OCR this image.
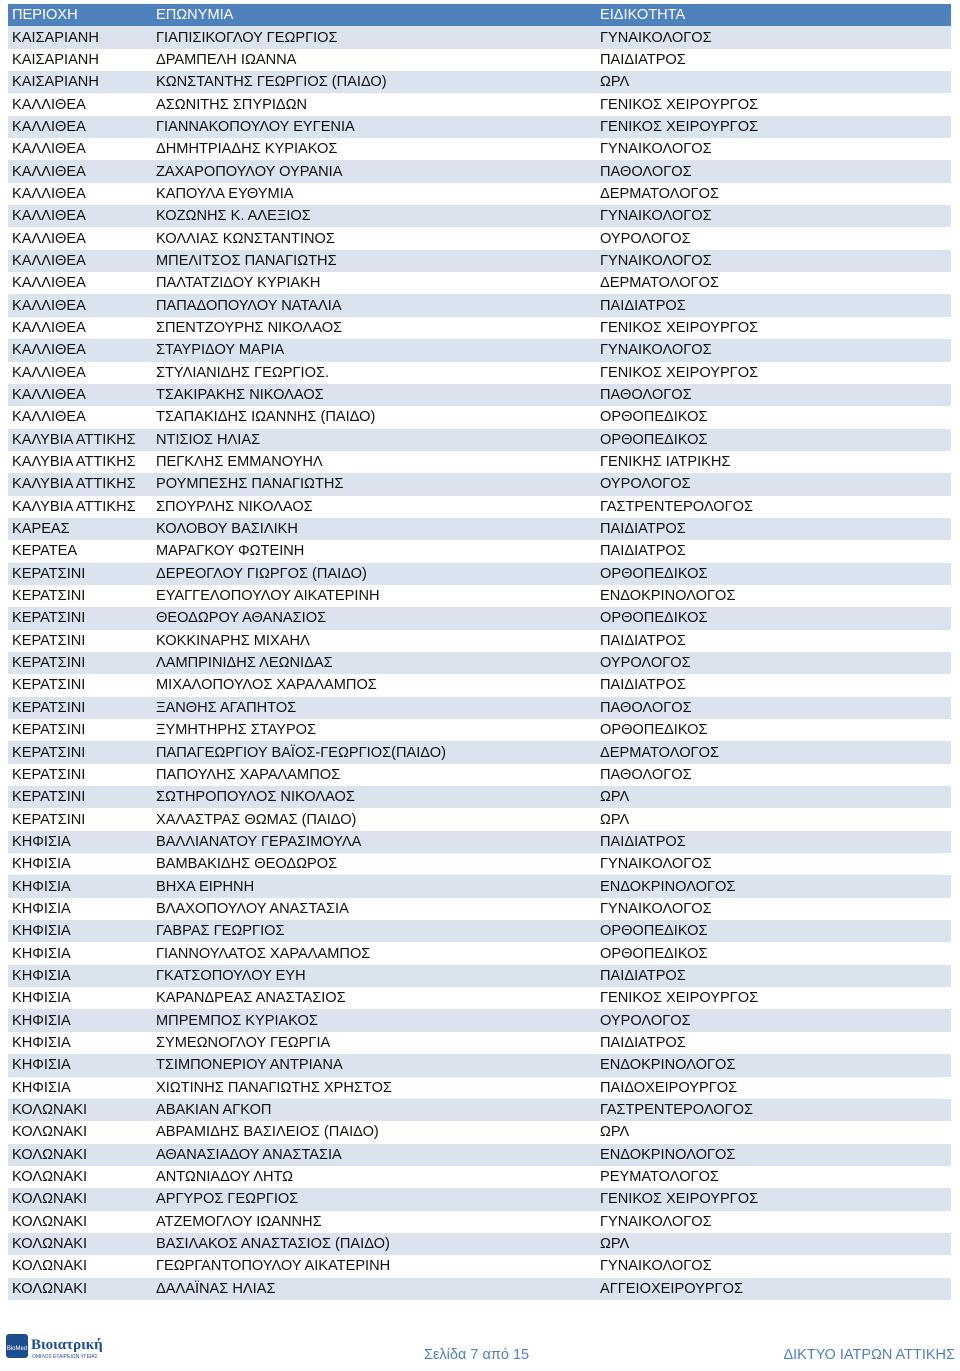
ΠΕΡΙΟΧΗ	ΕΠΩΝΥΜΙΑ	ΕΙΔΙΚΟΤΗΤΑ
ΚΑΙΣΑΡΙΑΝΗ	ΓΙΑΠΙΣΙΚΟΓΛΟΥ ΓΕΩΡΓΙΟΣ	ΓΥΝΑΙΚΟΛΟΓΟΣ
ΚΑΙΣΑΡΙΑΝΗ	ΔΡΑΜΠΕΛΗ ΙΩΑΝΝΑ	ΠΑΙΔΙΑΤΡΟΣ
ΚΑΙΣΑΡΙΑΝΗ	ΚΩΝΣΤΑΝΤΗΣ ΓΕΩΡΓΙΟΣ (ΠΑΙΔΟ)	ΩΡΛ
ΚΑΛΛΙΘΕΑ	ΑΣΩΝΙΤΗΣ ΣΠΥΡΙΔΩΝ	ΓΕΝΙΚΟΣ ΧΕΙΡΟΥΡΓΟΣ
ΚΑΛΛΙΘΕΑ	ΓΙΑΝΝΑΚΟΠΟΥΛΟΥ ΕΥΓΕΝΙΑ	ΓΕΝΙΚΟΣ ΧΕΙΡΟΥΡΓΟΣ
ΚΑΛΛΙΘΕΑ	ΔΗΜΗΤΡΙΑΔΗΣ ΚΥΡΙΑΚΟΣ	ΓΥΝΑΙΚΟΛΟΓΟΣ
ΚΑΛΛΙΘΕΑ	ΖΑΧΑΡΟΠΟΥΛΟΥ ΟΥΡΑΝΙΑ	ΠΑΘΟΛΟΓΟΣ
ΚΑΛΛΙΘΕΑ	ΚΑΠΟΥΛΑ ΕΥΘΥΜΙΑ	ΔΕΡΜΑΤΟΛΟΓΟΣ
ΚΑΛΛΙΘΕΑ	ΚΟΖΩΝΗΣ Κ. ΑΛΕΞΙΟΣ	ΓΥΝΑΙΚΟΛΟΓΟΣ
ΚΑΛΛΙΘΕΑ	ΚΟΛΛΙΑΣ ΚΩΝΣΤΑΝΤΙΝΟΣ	ΟΥΡΟΛΟΓΟΣ
ΚΑΛΛΙΘΕΑ	ΜΠΕΛΙΤΣΟΣ ΠΑΝΑΓΙΩΤΗΣ	ΓΥΝΑΙΚΟΛΟΓΟΣ
ΚΑΛΛΙΘΕΑ	ΠΑΛΤΑΤΖΙΔΟΥ ΚΥΡΙΑΚΗ	ΔΕΡΜΑΤΟΛΟΓΟΣ
ΚΑΛΛΙΘΕΑ	ΠΑΠΑΔΟΠΟΥΛΟΥ ΝΑΤΑΛΙΑ	ΠΑΙΔΙΑΤΡΟΣ
ΚΑΛΛΙΘΕΑ	ΣΠΕΝΤΖΟΥΡΗΣ ΝΙΚΟΛΑΟΣ	ΓΕΝΙΚΟΣ ΧΕΙΡΟΥΡΓΟΣ
ΚΑΛΛΙΘΕΑ	ΣΤΑΥΡΙΔΟΥ ΜΑΡΙΑ	ΓΥΝΑΙΚΟΛΟΓΟΣ
ΚΑΛΛΙΘΕΑ	ΣΤΥΛΙΑΝΙΔΗΣ ΓΕΩΡΓΙΟΣ.	ΓΕΝΙΚΟΣ ΧΕΙΡΟΥΡΓΟΣ
ΚΑΛΛΙΘΕΑ	ΤΣΑΚΙΡΑΚΗΣ ΝΙΚΟΛΑΟΣ	ΠΑΘΟΛΟΓΟΣ
ΚΑΛΛΙΘΕΑ	ΤΣΑΠΑΚΙΔΗΣ ΙΩΑΝΝΗΣ (ΠΑΙΔΟ)	ΟΡΘΟΠΕΔΙΚΟΣ
ΚΑΛΥΒΙΑ ΑΤΤΙΚΗΣ	ΝΤΙΣΙΟΣ ΗΛΙΑΣ	ΟΡΘΟΠΕΔΙΚΟΣ
ΚΑΛΥΒΙΑ ΑΤΤΙΚΗΣ	ΠΕΓΚΛΗΣ ΕΜΜΑΝΟΥΗΛ	ΓΕΝΙΚΗΣ ΙΑΤΡΙΚΗΣ
ΚΑΛΥΒΙΑ ΑΤΤΙΚΗΣ	ΡΟΥΜΠΕΣΗΣ ΠΑΝΑΓΙΩΤΗΣ	ΟΥΡΟΛΟΓΟΣ
ΚΑΛΥΒΙΑ ΑΤΤΙΚΗΣ	ΣΠΟΥΡΛΗΣ ΝΙΚΟΛΑΟΣ	ΓΑΣΤΡΕΝΤΕΡΟΛΟΓΟΣ
ΚΑΡΕΑΣ	ΚΟΛΟΒΟΥ ΒΑΣΙΛΙΚΗ	ΠΑΙΔΙΑΤΡΟΣ
ΚΕΡΑΤΕΑ	ΜΑΡΑΓΚΟΥ ΦΩΤΕΙΝΗ	ΠΑΙΔΙΑΤΡΟΣ
ΚΕΡΑΤΣΙΝΙ	ΔΕΡΕΟΓΛΟΥ ΓΙΩΡΓΟΣ (ΠΑΙΔΟ)	ΟΡΘΟΠΕΔΙΚΟΣ
ΚΕΡΑΤΣΙΝΙ	ΕΥΑΓΓΕΛΟΠΟΥΛΟΥ ΑΙΚΑΤΕΡΙΝΗ	ΕΝΔΟΚΡΙΝΟΛΟΓΟΣ
ΚΕΡΑΤΣΙΝΙ	ΘΕΟΔΩΡΟΥ ΑΘΑΝΑΣΙΟΣ	ΟΡΘΟΠΕΔΙΚΟΣ
ΚΕΡΑΤΣΙΝΙ	ΚΟΚΚΙΝΑΡΗΣ ΜΙΧΑΗΛ	ΠΑΙΔΙΑΤΡΟΣ
ΚΕΡΑΤΣΙΝΙ	ΛΑΜΠΡΙΝΙΔΗΣ ΛΕΩΝΙΔΑΣ	ΟΥΡΟΛΟΓΟΣ
ΚΕΡΑΤΣΙΝΙ	ΜΙΧΑΛΟΠΟΥΛΟΣ ΧΑΡΑΛΑΜΠΟΣ	ΠΑΙΔΙΑΤΡΟΣ
ΚΕΡΑΤΣΙΝΙ	ΞΑΝΘΗΣ ΑΓΑΠΗΤΟΣ	ΠΑΘΟΛΟΓΟΣ
ΚΕΡΑΤΣΙΝΙ	ΞΥΜΗΤΗΡΗΣ ΣΤΑΥΡΟΣ	ΟΡΘΟΠΕΔΙΚΟΣ
ΚΕΡΑΤΣΙΝΙ	ΠΑΠΑΓΕΩΡΓΙΟΥ ΒΑΪΟΣ-ΓΕΩΡΓΙΟΣ(ΠΑΙΔΟ)	ΔΕΡΜΑΤΟΛΟΓΟΣ
ΚΕΡΑΤΣΙΝΙ	ΠΑΠΟΥΛΗΣ ΧΑΡΑΛΑΜΠΟΣ	ΠΑΘΟΛΟΓΟΣ
ΚΕΡΑΤΣΙΝΙ	ΣΩΤΗΡΟΠΟΥΛΟΣ ΝΙΚΟΛΑΟΣ	ΩΡΛ
ΚΕΡΑΤΣΙΝΙ	ΧΑΛΑΣΤΡΑΣ ΘΩΜΑΣ (ΠΑΙΔΟ)	ΩΡΛ
ΚΗΦΙΣΙΑ	ΒΑΛΛΙΑΝΑΤΟΥ ΓΕΡΑΣΙΜΟΥΛΑ	ΠΑΙΔΙΑΤΡΟΣ
ΚΗΦΙΣΙΑ	ΒΑΜΒΑΚΙΔΗΣ ΘΕΟΔΩΡΟΣ	ΓΥΝΑΙΚΟΛΟΓΟΣ
ΚΗΦΙΣΙΑ	ΒΗΧΑ ΕΙΡΗΝΗ	ΕΝΔΟΚΡΙΝΟΛΟΓΟΣ
ΚΗΦΙΣΙΑ	ΒΛΑΧΟΠΟΥΛΟΥ ΑΝΑΣΤΑΣΙΑ	ΓΥΝΑΙΚΟΛΟΓΟΣ
ΚΗΦΙΣΙΑ	ΓΑΒΡΑΣ ΓΕΩΡΓΙΟΣ	ΟΡΘΟΠΕΔΙΚΟΣ
ΚΗΦΙΣΙΑ	ΓΙΑΝΝΟΥΛΑΤΟΣ ΧΑΡΑΛΑΜΠΟΣ	ΟΡΘΟΠΕΔΙΚΟΣ
ΚΗΦΙΣΙΑ	ΓΚΑΤΣΟΠΟΥΛΟΥ ΕΥΗ	ΠΑΙΔΙΑΤΡΟΣ
ΚΗΦΙΣΙΑ	ΚΑΡΑΝΔΡΕΑΣ ΑΝΑΣΤΑΣΙΟΣ	ΓΕΝΙΚΟΣ ΧΕΙΡΟΥΡΓΟΣ
ΚΗΦΙΣΙΑ	ΜΠΡΕΜΠΟΣ ΚΥΡΙΑΚΟΣ	ΟΥΡΟΛΟΓΟΣ
ΚΗΦΙΣΙΑ	ΣΥΜΕΩΝΟΓΛΟΥ ΓΕΩΡΓΙΑ	ΠΑΙΔΙΑΤΡΟΣ
ΚΗΦΙΣΙΑ	ΤΣΙΜΠΟΝΕΡΙΟΥ ΑΝΤΡΙΑΝΑ	ΕΝΔΟΚΡΙΝΟΛΟΓΟΣ
ΚΗΦΙΣΙΑ	ΧΙΩΤΙΝΗΣ ΠΑΝΑΓΙΩΤΗΣ ΧΡΗΣΤΟΣ	ΠΑΙΔΟΧΕΙΡΟΥΡΓΟΣ
ΚΟΛΩΝΑΚΙ	ΑΒΑΚΙΑΝ ΑΓΚΟΠ	ΓΑΣΤΡΕΝΤΕΡΟΛΟΓΟΣ
ΚΟΛΩΝΑΚΙ	ΑΒΡΑΜΙΔΗΣ ΒΑΣΙΛΕΙΟΣ (ΠΑΙΔΟ)	ΩΡΛ
ΚΟΛΩΝΑΚΙ	ΑΘΑΝΑΣΙΑΔΟΥ ΑΝΑΣΤΑΣΙΑ	ΕΝΔΟΚΡΙΝΟΛΟΓΟΣ
ΚΟΛΩΝΑΚΙ	ΑΝΤΩΝΙΑΔΟΥ ΛΗΤΩ	ΡΕΥΜΑΤΟΛΟΓΟΣ
ΚΟΛΩΝΑΚΙ	ΑΡΓΥΡΟΣ ΓΕΩΡΓΙΟΣ	ΓΕΝΙΚΟΣ ΧΕΙΡΟΥΡΓΟΣ
ΚΟΛΩΝΑΚΙ	ΑΤΖΕΜΟΓΛΟΥ ΙΩΑΝΝΗΣ	ΓΥΝΑΙΚΟΛΟΓΟΣ
ΚΟΛΩΝΑΚΙ	ΒΑΣΙΛΑΚΟΣ ΑΝΑΣΤΑΣΙΟΣ (ΠΑΙΔΟ)	ΩΡΛ
ΚΟΛΩΝΑΚΙ	ΓΕΩΡΓΑΝΤΟΠΟΥΛΟΥ ΑΙΚΑΤΕΡΙΝΗ	ΓΥΝΑΙΚΟΛΟΓΟΣ
ΚΟΛΩΝΑΚΙ	ΔΑΛΑΪΝΑΣ ΗΛΙΑΣ	ΑΓΓΕΙΟΧΕΙΡΟΥΡΓΟΣ
BioMed Βιοιατρική
ΟΜΙΛΟΣ ΕΤΑΙΡΕΙΩΝ ΥΓΕΙΑΣ	Σελίδα 7 από 15	ΔΙΚΤΥΟ ΙΑΤΡΩΝ ΑΤΤΙΚΗΣ
